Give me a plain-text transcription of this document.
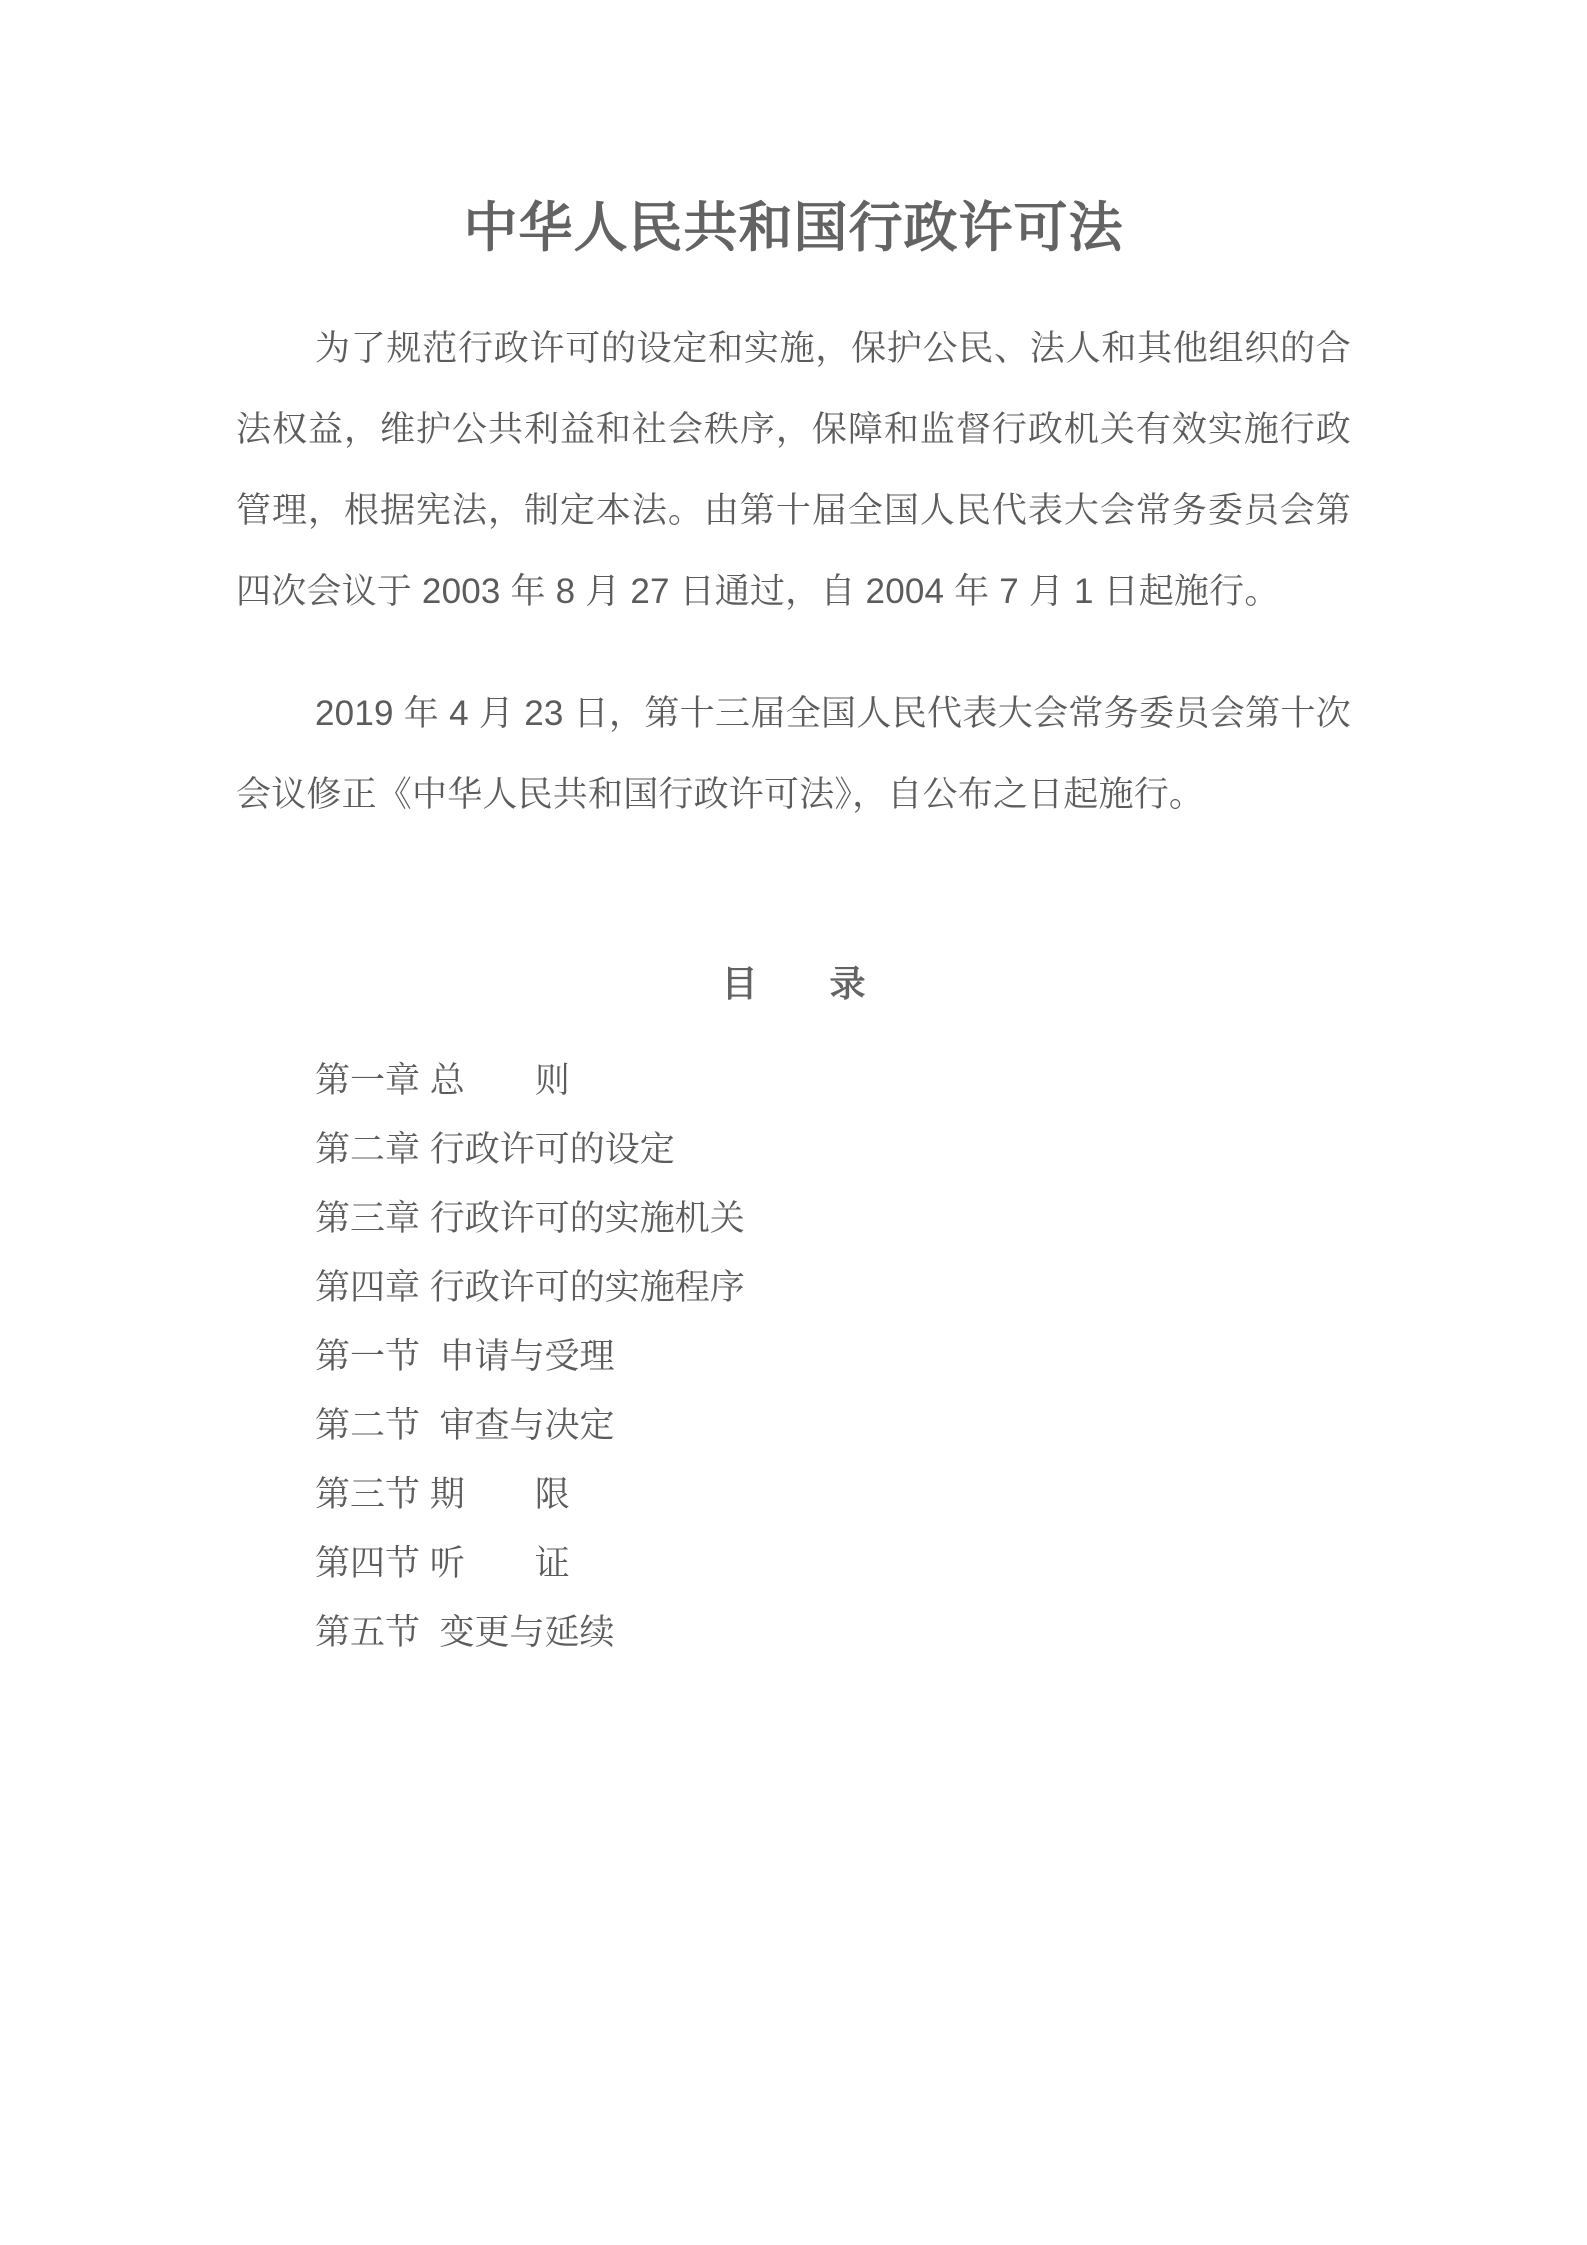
中华人民共和国行政许可法

为了规范行政许可的设定和实施，保护公民、法人和其他组织的合法权益，维护公共利益和社会秩序，保障和监督行政机关有效实施行政管理，根据宪法，制定本法。由第十届全国人民代表大会常务委员会第四次会议于 2003 年 8 月 27 日通过，自 2004 年 7 月 1 日起施行。

2019 年 4 月 23 日，第十三届全国人民代表大会常务委员会第十次会议修正《中华人民共和国行政许可法》，自公布之日起施行。

目　　录
第一章 总　　则
第二章 行政许可的设定
第三章 行政许可的实施机关
第四章 行政许可的实施程序
第一节  申请与受理
第二节  审查与决定
第三节 期　　限
第四节 听　　证
第五节  变更与延续
